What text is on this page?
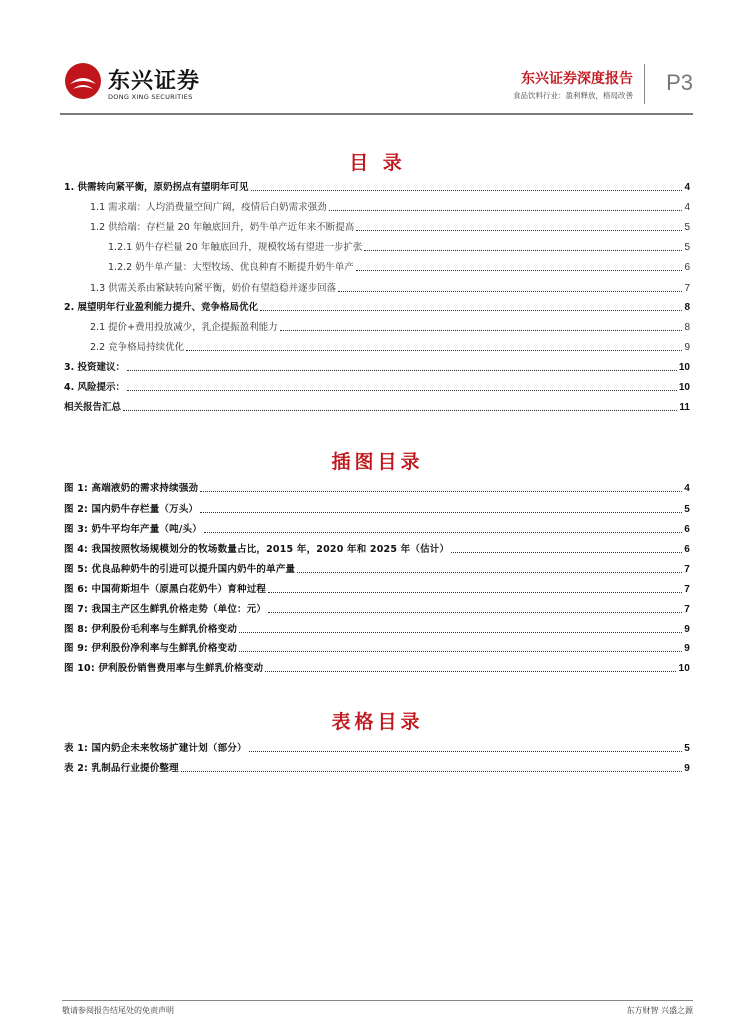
东兴证券
DONG XING SECURITIES
东兴证券深度报告
食品饮料行业：盈利释放，格局改善
P3
目 录
1. 供需转向紧平衡，原奶拐点有望明年可见	4
1.1 需求端：人均消费量空间广阔，疫情后白奶需求强劲	4
1.2 供给端：存栏量 20 年触底回升，奶牛单产近年来不断提高	5
1.2.1 奶牛存栏量 20 年触底回升，规模牧场有望进一步扩张	5
1.2.2 奶牛单产量：大型牧场、优良种育不断提升奶牛单产	6
1.3 供需关系由紧缺转向紧平衡，奶价有望趋稳并逐步回落	7
2. 展望明年行业盈利能力提升、竞争格局优化	8
2.1 提价+费用投放减少，乳企提振盈利能力	8
2.2 竞争格局持续优化	9
3. 投资建议：	10
4. 风险提示：	10
相关报告汇总	11
插图目录
图 1: 高端液奶的需求持续强劲	4
图 2: 国内奶牛存栏量（万头）	5
图 3: 奶牛平均年产量（吨/头）	6
图 4: 我国按照牧场规模划分的牧场数量占比，2015 年，2020 年和 2025 年（估计）	6
图 5: 优良品种奶牛的引进可以提升国内奶牛的单产量	7
图 6: 中国荷斯坦牛（原黑白花奶牛）育种过程	7
图 7: 我国主产区生鲜乳价格走势（单位：元）	7
图 8: 伊利股份毛利率与生鲜乳价格变动	9
图 9: 伊利股份净利率与生鲜乳价格变动	9
图 10: 伊利股份销售费用率与生鲜乳价格变动	10
表格目录
表 1: 国内奶企未来牧场扩建计划（部分）	5
表 2: 乳制品行业提价整理	9
敬请参阅报告结尾处的免责声明	东方财智 兴盛之源
